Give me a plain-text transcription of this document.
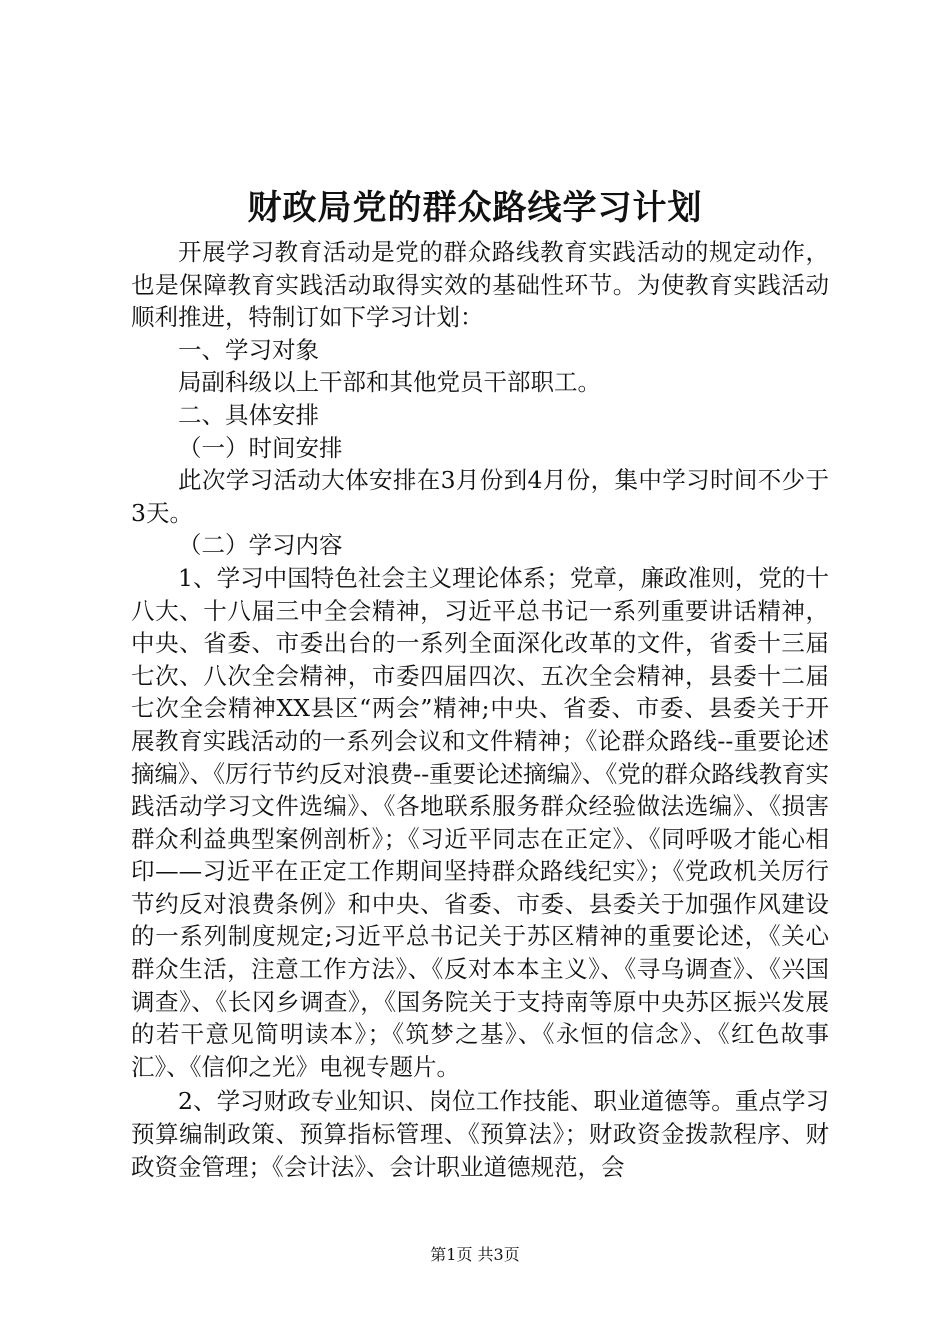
财政局党的群众路线学习计划

开展学习教育活动是党的群众路线教育实践活动的规定动作，也是保障教育实践活动取得实效的基础性环节。为使教育实践活动顺利推进，特制订如下学习计划：

一、学习对象

局副科级以上干部和其他党员干部职工。

二、具体安排

（一）时间安排

此次学习活动大体安排在3月份到4月份，集中学习时间不少于3天。

（二）学习内容

1、学习中国特色社会主义理论体系；党章，廉政准则，党的十八大、十八届三中全会精神，习近平总书记一系列重要讲话精神，中央、省委、市委出台的一系列全面深化改革的文件，省委十三届七次、八次全会精神，市委四届四次、五次全会精神，县委十二届七次全会精神XX县区“两会”精神;中央、省委、市委、县委关于开展教育实践活动的一系列会议和文件精神；《论群众路线--重要论述摘编》、《厉行节约反对浪费--重要论述摘编》、《党的群众路线教育实践活动学习文件选编》、《各地联系服务群众经验做法选编》、《损害群众利益典型案例剖析》；《习近平同志在正定》、《同呼吸才能心相印——习近平在正定工作期间坚持群众路线纪实》；《党政机关厉行节约反对浪费条例》和中央、省委、市委、县委关于加强作风建设的一系列制度规定;习近平总书记关于苏区精神的重要论述，《关心群众生活，注意工作方法》、《反对本本主义》、《寻乌调查》、《兴国调查》、《长冈乡调查》，《国务院关于支持南等原中央苏区振兴发展的若干意见简明读本》；《筑梦之基》、《永恒的信念》、《红色故事汇》、《信仰之光》电视专题片。

2、学习财政专业知识、岗位工作技能、职业道德等。重点学习预算编制政策、预算指标管理、《预算法》；财政资金拨款程序、财政资金管理；《会计法》、会计职业道德规范，会

第1页 共3页
